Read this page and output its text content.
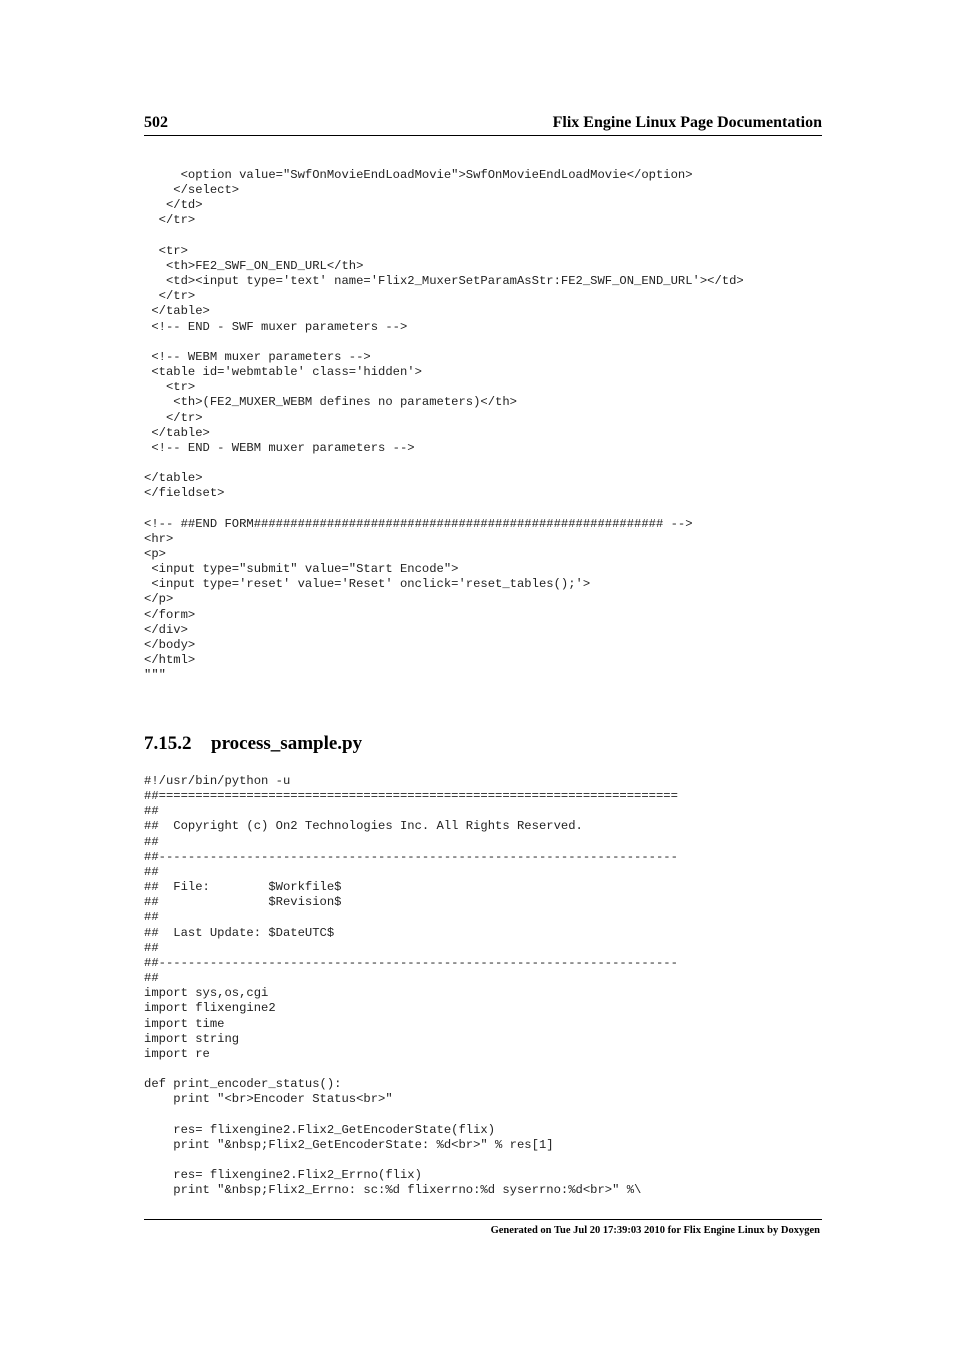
502	Flix Engine Linux Page Documentation
<option value="SwfOnMovieEndLoadMovie">SwfOnMovieEndLoadMovie</option>
</select>
</td>
</tr>

<tr>
<th>FE2_SWF_ON_END_URL</th>
<td><input type='text' name='Flix2_MuxerSetParamAsStr:FE2_SWF_ON_END_URL'></td>
</tr>
</table>
<!-- END - SWF muxer parameters -->

<!-- WEBM muxer parameters -->
<table id='webmtable' class='hidden'>
<tr>
<th>(FE2_MUXER_WEBM defines no parameters)</th>
</tr>
</table>
<!-- END - WEBM muxer parameters -->

</table>
</fieldset>

<!-- ##END FORM######################################################## -->
<hr>
<p>
<input type="submit" value="Start Encode">
<input type='reset' value='Reset' onclick='reset_tables();'>
</p>
</form>
</div>
</body>
</html>
"""
7.15.2 process_sample.py
#!/usr/bin/python -u
##=======================================================================
##
##  Copyright (c) On2 Technologies Inc. All Rights Reserved.
##
##-----------------------------------------------------------------------
##
##  File:        $Workfile$
##               $Revision$
##
##  Last Update: $DateUTC$
##
##-----------------------------------------------------------------------
##
import sys,os,cgi
import flixengine2
import time
import string
import re

def print_encoder_status():
print "<br>Encoder Status<br>"

res= flixengine2.Flix2_GetEncoderState(flix)
print "&nbsp;Flix2_GetEncoderState: %d<br>" % res[1]

res= flixengine2.Flix2_Errno(flix)
print "&nbsp;Flix2_Errno: sc:%d flixerrno:%d syserrno:%d<br>" %\
Generated on Tue Jul 20 17:39:03 2010 for Flix Engine Linux by Doxygen
